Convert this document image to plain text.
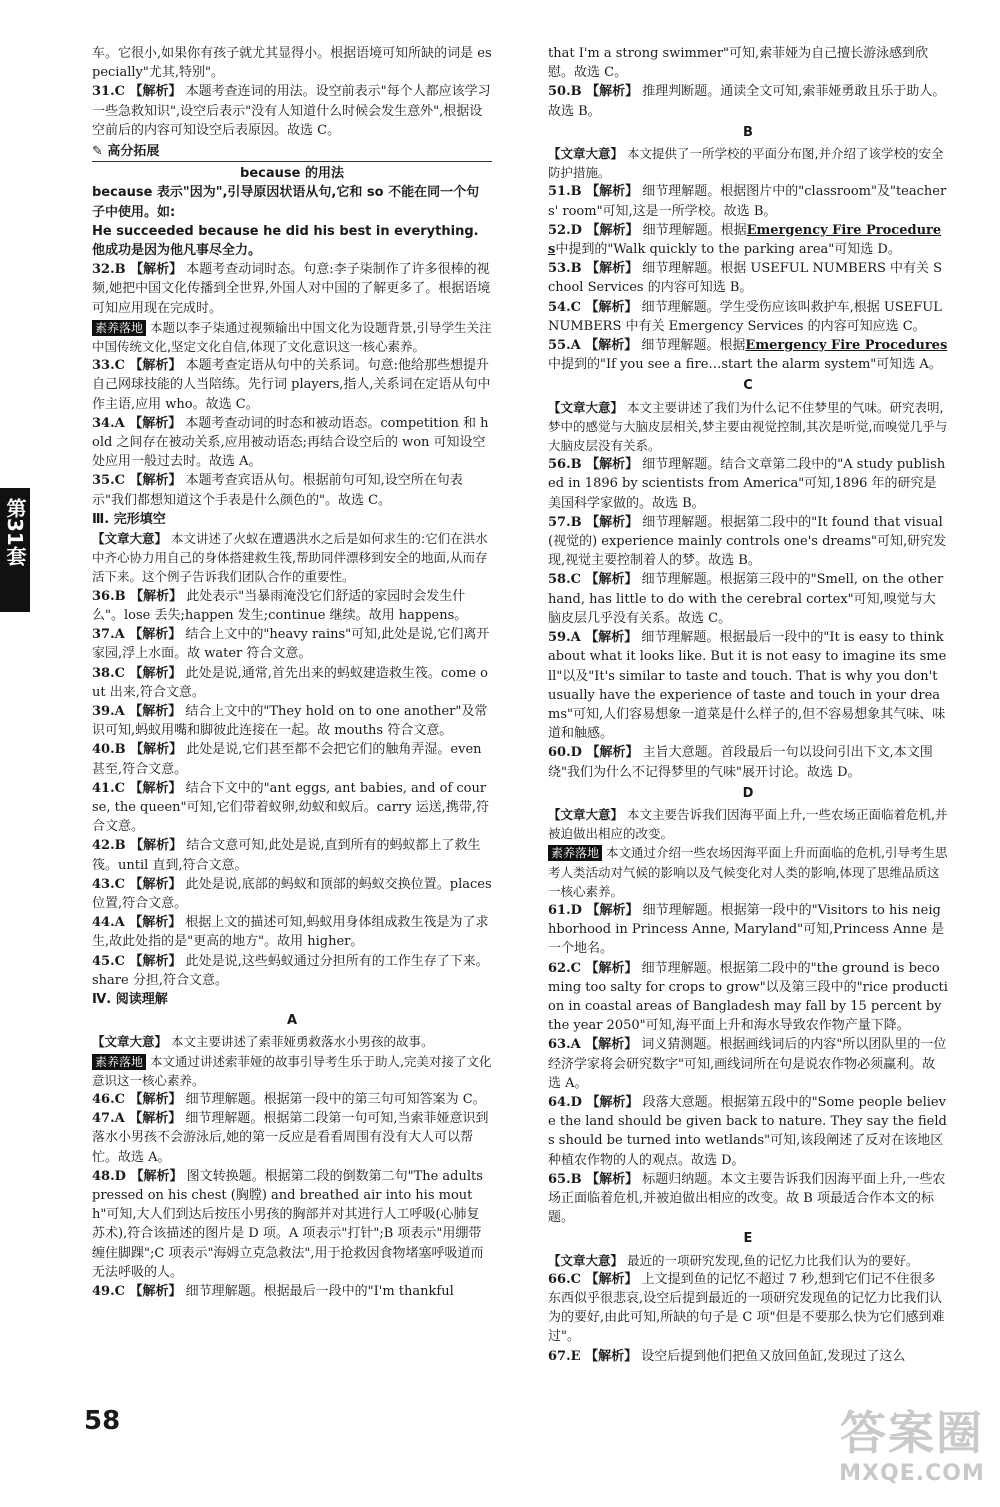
车。它很小,如果你有孩子就尤其显得小。根据语境可知所缺的词是 especially"尤其,特别"。
31.C 【解析】 本题考查连词的用法。设空前表示"每个人都应该学习一些急救知识",设空后表示"没有人知道什么时候会发生意外",根据设空前后的内容可知设空后表原因。故选 C。
✎ 高分拓展
because 的用法
because 表示"因为",引导原因状语从句,它和 so 不能在同一个句子中使用。如:
He succeeded because he did his best in everything. 他成功是因为他凡事尽全力。
32.B 【解析】 本题考查动词时态。句意:李子柒制作了许多很棒的视频,她把中国文化传播到全世界,外国人对中国的了解更多了。根据语境可知应用现在完成时。
素养落地 本题以李子柒通过视频输出中国文化为设题背景,引导学生关注中国传统文化,坚定文化自信,体现了文化意识这一核心素养。
33.C 【解析】 本题考查定语从句中的关系词。句意:他给那些想提升自己网球技能的人当陪练。先行词 players,指人,关系词在定语从句中作主语,应用 who。故选 C。
34.A 【解析】 本题考查动词的时态和被动语态。competition 和 hold 之间存在被动关系,应用被动语态;再结合设空后的 won 可知设空处应用一般过去时。故选 A。
35.C 【解析】 本题考查宾语从句。根据前句可知,设空所在句表示"我们都想知道这个手表是什么颜色的"。故选 C。
Ⅲ. 完形填空
【文章大意】 本文讲述了火蚁在遭遇洪水之后是如何求生的:它们在洪水中齐心协力用自己的身体搭建救生筏,帮助同伴漂移到安全的地面,从而存活下来。这个例子告诉我们团队合作的重要性。
36.B 【解析】 此处表示"当暴雨淹没它们舒适的家园时会发生什么"。lose 丢失;happen 发生;continue 继续。故用 happens。
37.A 【解析】 结合上文中的"heavy rains"可知,此处是说,它们离开家园,浮上水面。故 water 符合文意。
38.C 【解析】 此处是说,通常,首先出来的蚂蚁建造救生筏。come out 出来,符合文意。
39.A 【解析】 结合上文中的"They hold on to one another"及常识可知,蚂蚁用嘴和脚彼此连接在一起。故 mouths 符合文意。
40.B 【解析】 此处是说,它们甚至都不会把它们的触角弄湿。even 甚至,符合文意。
41.C 【解析】 结合下文中的"ant eggs, ant babies, and of course, the queen"可知,它们带着蚁卵,幼蚁和蚁后。carry 运送,携带,符合文意。
42.B 【解析】 结合文意可知,此处是说,直到所有的蚂蚁都上了救生筏。until 直到,符合文意。
43.C 【解析】 此处是说,底部的蚂蚁和顶部的蚂蚁交换位置。places 位置,符合文意。
44.A 【解析】 根据上文的描述可知,蚂蚁用身体组成救生筏是为了求生,故此处指的是"更高的地方"。故用 higher。
45.C 【解析】 此处是说,这些蚂蚁通过分担所有的工作生存了下来。share 分担,符合文意。
Ⅳ. 阅读理解
A
【文章大意】 本文主要讲述了索菲娅勇救落水小男孩的故事。
素养落地 本文通过讲述索菲娅的故事引导考生乐于助人,完美对接了文化意识这一核心素养。
46.C 【解析】 细节理解题。根据第一段中的第三句可知答案为 C。
47.A 【解析】 细节理解题。根据第二段第一句可知,当索菲娅意识到落水小男孩不会游泳后,她的第一反应是看看周围有没有大人可以帮忙。故选 A。
48.D 【解析】 图文转换题。根据第二段的倒数第二句"The adults pressed on his chest (胸膛) and breathed air into his mouth"可知,大人们到达后按压小男孩的胸部并对其进行人工呼吸(心肺复苏术),符合该描述的图片是 D 项。A 项表示"打针";B 项表示"用绷带缠住脚踝";C 项表示"海姆立克急救法",用于抢救因食物堵塞呼吸道而无法呼吸的人。
49.C 【解析】 细节理解题。根据最后一段中的"I'm thankful
that I'm a strong swimmer"可知,索菲娅为自己擅长游泳感到欣慰。故选 C。
50.B 【解析】 推理判断题。通读全文可知,索菲娅勇敢且乐于助人。故选 B。
B
【文章大意】 本文提供了一所学校的平面分布图,并介绍了该学校的安全防护措施。
51.B 【解析】 细节理解题。根据图片中的"classroom"及"teachers' room"可知,这是一所学校。故选 B。
52.D 【解析】 细节理解题。根据Emergency Fire Procedures中提到的"Walk quickly to the parking area"可知选 D。
53.B 【解析】 细节理解题。根据 USEFUL NUMBERS 中有关 School Services 的内容可知选 B。
54.C 【解析】 细节理解题。学生受伤应该叫救护车,根据 USEFUL NUMBERS 中有关 Emergency Services 的内容可知应选 C。
55.A 【解析】 细节理解题。根据Emergency Fire Procedures中提到的"If you see a fire…start the alarm system"可知选 A。
C
【文章大意】 本文主要讲述了我们为什么记不住梦里的气味。研究表明,梦中的感觉与大脑皮层相关,梦主要由视觉控制,其次是听觉,而嗅觉几乎与大脑皮层没有关系。
56.B 【解析】 细节理解题。结合文章第二段中的"A study published in 1896 by scientists from America"可知,1896 年的研究是美国科学家做的。故选 B。
57.B 【解析】 细节理解题。根据第二段中的"It found that visual (视觉的) experience mainly controls one's dreams"可知,研究发现,视觉主要控制着人的梦。故选 B。
58.C 【解析】 细节理解题。根据第三段中的"Smell, on the other hand, has little to do with the cerebral cortex"可知,嗅觉与大脑皮层几乎没有关系。故选 C。
59.A 【解析】 细节理解题。根据最后一段中的"It is easy to think about what it looks like. But it is not easy to imagine its smell"以及"It's similar to taste and touch. That is why you don't usually have the experience of taste and touch in your dreams"可知,人们容易想象一道菜是什么样子的,但不容易想象其气味、味道和触感。
60.D 【解析】 主旨大意题。首段最后一句以设问引出下文,本文围绕"我们为什么不记得梦里的气味"展开讨论。故选 D。
D
【文章大意】 本文主要告诉我们因海平面上升,一些农场正面临着危机,并被迫做出相应的改变。
素养落地 本文通过介绍一些农场因海平面上升而面临的危机,引导考生思考人类活动对气候的影响以及气候变化对人类的影响,体现了思维品质这一核心素养。
61.D 【解析】 细节理解题。根据第一段中的"Visitors to his neighborhood in Princess Anne, Maryland"可知,Princess Anne 是一个地名。
62.C 【解析】 细节理解题。根据第二段中的"the ground is becoming too salty for crops to grow"以及第三段中的"rice production in coastal areas of Bangladesh may fall by 15 percent by the year 2050"可知,海平面上升和海水导致农作物产量下降。
63.A 【解析】 词义猜测题。根据画线词后的内容"所以团队里的一位经济学家将会研究数字"可知,画线词所在句是说农作物必须赢利。故选 A。
64.D 【解析】 段落大意题。根据第五段中的"Some people believe the land should be given back to nature. They say the fields should be turned into wetlands"可知,该段阐述了反对在该地区种植农作物的人的观点。故选 D。
65.B 【解析】 标题归纳题。本文主要告诉我们因海平面上升,一些农场正面临着危机,并被迫做出相应的改变。故 B 项最适合作本文的标题。
E
【文章大意】 最近的一项研究发现,鱼的记忆力比我们认为的要好。
66.C 【解析】 上文提到鱼的记忆不超过 7 秒,想到它们记不住很多东西似乎很悲哀,设空后提到最近的一项研究发现鱼的记忆力比我们认为的要好,由此可知,所缺的句子是 C 项"但是不要那么快为它们感到难过"。
67.E 【解析】 设空后提到他们把鱼又放回鱼缸,发现过了这么
第31套
58	答案圈
MXQE.COM
